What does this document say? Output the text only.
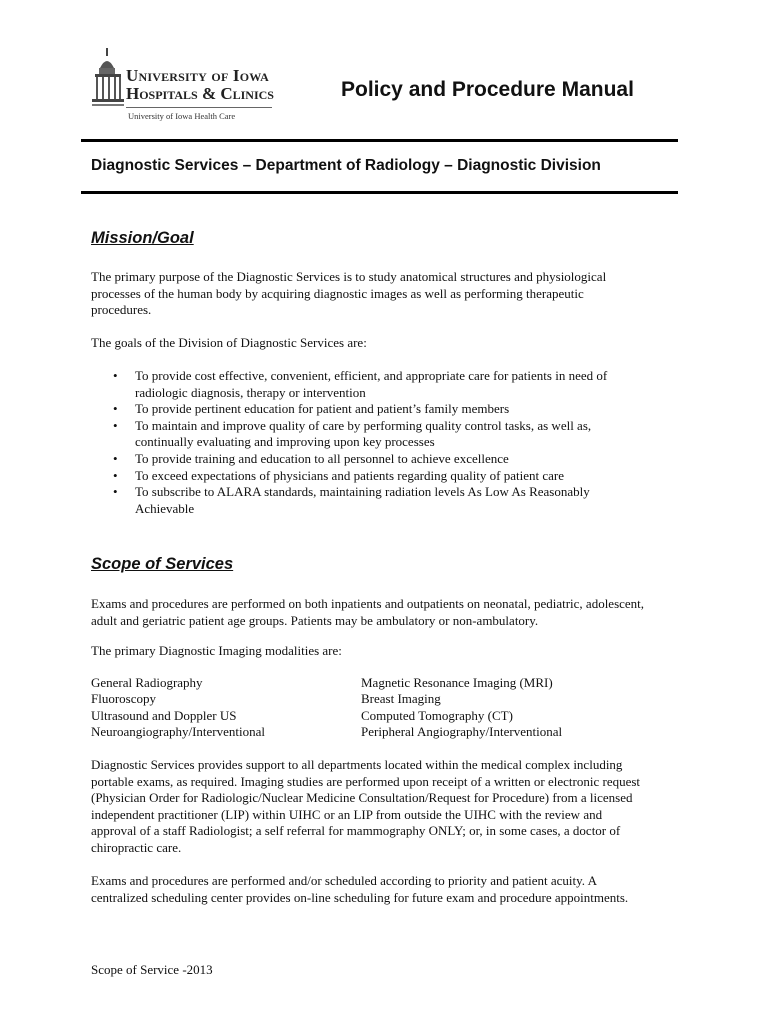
University of Iowa
Hospitals & Clinics
University of Iowa Health Care
Policy and Procedure Manual
Diagnostic Services – Department of Radiology – Diagnostic Division
Mission/Goal

The primary purpose of the Diagnostic Services is to study anatomical structures and physiological
processes of the human body by acquiring diagnostic images as well as performing therapeutic
procedures.

The goals of the Division of Diagnostic Services are:

• To provide cost effective, convenient, efficient, and appropriate care for patients in need of
radiologic diagnosis, therapy or intervention
• To provide pertinent education for patient and patient’s family members
• To maintain and improve quality of care by performing quality control tasks, as well as,
continually evaluating and improving upon key processes
• To provide training and education to all personnel to achieve excellence
• To exceed expectations of physicians and patients regarding quality of patient care
• To subscribe to ALARA standards, maintaining radiation levels As Low As Reasonably
Achievable
Scope of Services

Exams and procedures are performed on both inpatients and outpatients on neonatal, pediatric, adolescent,
adult and geriatric patient age groups. Patients may be ambulatory or non-ambulatory.

The primary Diagnostic Imaging modalities are:

General Radiography	Magnetic Resonance Imaging (MRI)
Fluoroscopy	Breast Imaging
Ultrasound and Doppler US	Computed Tomography (CT)
Neuroangiography/Interventional	Peripheral Angiography/Interventional

Diagnostic Services provides support to all departments located within the medical complex including
portable exams, as required. Imaging studies are performed upon receipt of a written or electronic request
(Physician Order for Radiologic/Nuclear Medicine Consultation/Request for Procedure) from a licensed
independent practitioner (LIP) within UIHC or an LIP from outside the UIHC with the review and
approval of a staff Radiologist; a self referral for mammography ONLY; or, in some cases, a doctor of
chiropractic care.

Exams and procedures are performed and/or scheduled according to priority and patient acuity. A
centralized scheduling center provides on-line scheduling for future exam and procedure appointments.

Scope of Service -2013
